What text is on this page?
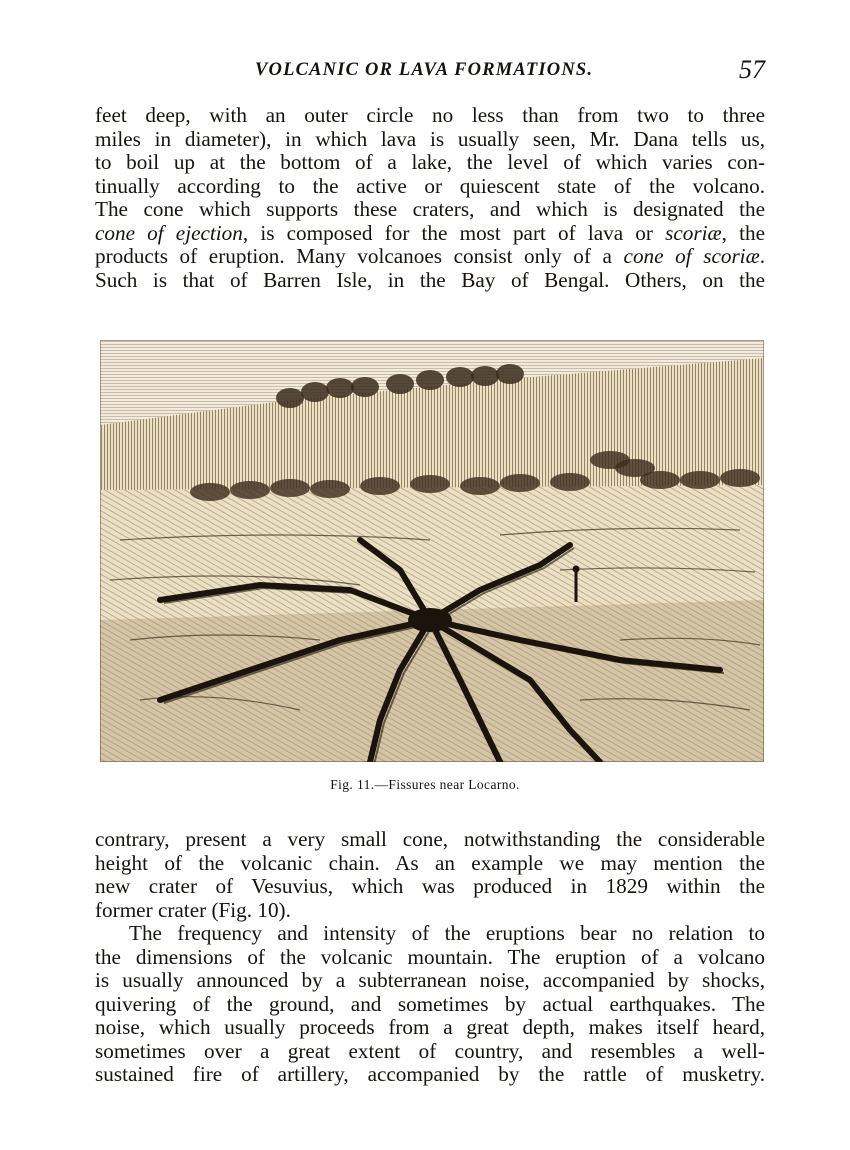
VOLCANIC OR LAVA FORMATIONS.	57
feet deep, with an outer circle no less than from two to three
miles in diameter), in which lava is usually seen, Mr. Dana tells us,
to boil up at the bottom of a lake, the level of which varies con-
tinually according to the active or quiescent state of the volcano.
The cone which supports these craters, and which is designated the
cone of ejection, is composed for the most part of lava or scoriæ, the
products of eruption. Many volcanoes consist only of a cone of scoriæ.
Such is that of Barren Isle, in the Bay of Bengal. Others, on the
Fig. 11.—Fissures near Locarno.
contrary, present a very small cone, notwithstanding the considerable
height of the volcanic chain. As an example we may mention the
new crater of Vesuvius, which was produced in 1829 within the
former crater (Fig. 10).
The frequency and intensity of the eruptions bear no relation to
the dimensions of the volcanic mountain. The eruption of a volcano
is usually announced by a subterranean noise, accompanied by shocks,
quivering of the ground, and sometimes by actual earthquakes. The
noise, which usually proceeds from a great depth, makes itself heard,
sometimes over a great extent of country, and resembles a well-
sustained fire of artillery, accompanied by the rattle of musketry.
